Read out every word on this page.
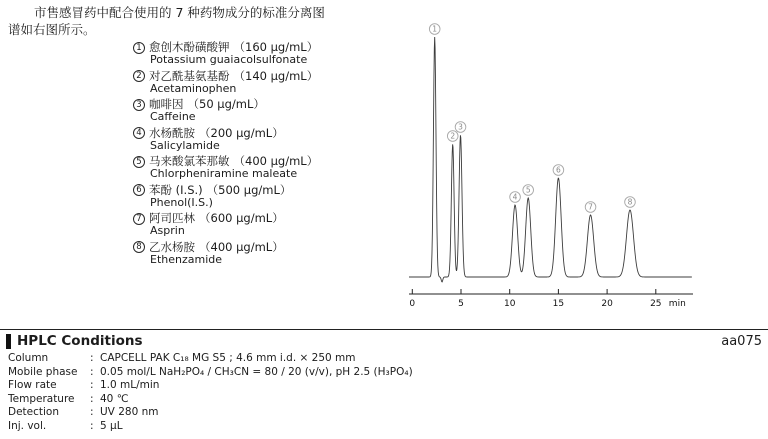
市售感冒药中配合使用的 7 种药物成分的标准分离图
谱如右图所示。
1 愈创木酚磺酸钾 （160 μg/mL）
Potassium guaiacolsulfonate
2 对乙酰基氨基酚 （140 μg/mL）
Acetaminophen
3 咖啡因 （50 μg/mL）
Caffeine
4 水杨酰胺 （200 μg/mL）
Salicylamide
5 马来酸氯苯那敏 （400 μg/mL）
Chlorpheniramine maleate
6 苯酚 (I.S.) （500 μg/mL）
Phenol(I.S.)
7 阿司匹林 （600 μg/mL）
Asprin
8 乙水杨胺 （400 μg/mL）
Ethenzamide
0	5	10	15	20	25 min
1
2
3
4
5
6
7
8
HPLC Conditions	aa075
Column	: CAPCELL PAK C₁₈ MG S5 ; 4.6 mm i.d. × 250 mm
Mobile phase	: 0.05 mol/L NaH₂PO₄ / CH₃CN = 80 / 20 (v/v), pH 2.5 (H₃PO₄)
Flow rate	: 1.0 mL/min
Temperature	: 40 ℃
Detection	: UV 280 nm
Inj. vol.	: 5 μL
